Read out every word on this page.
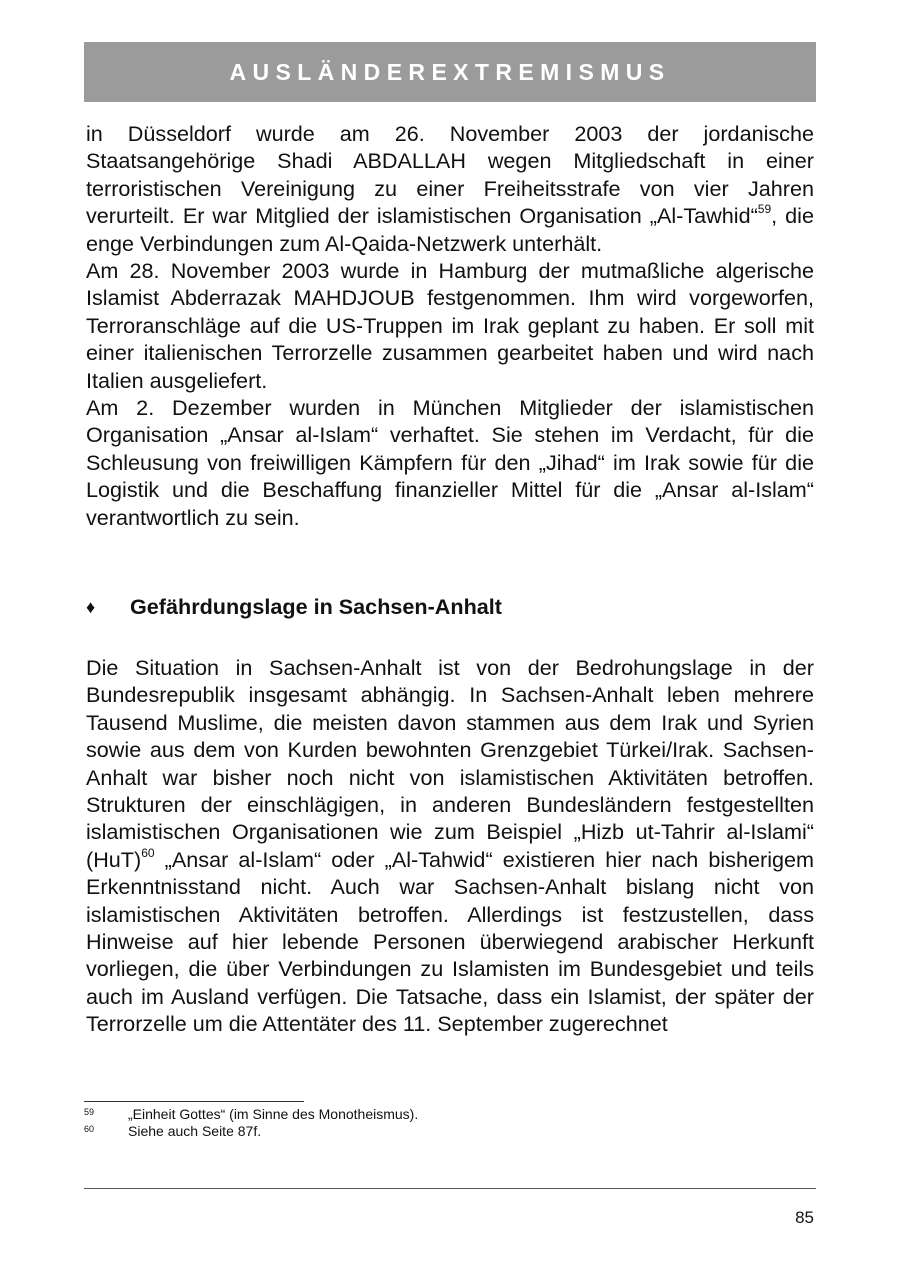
AUSLÄNDEREXTREMISMUS

in Düsseldorf wurde am 26. November 2003 der jordanische Staatsangehörige Shadi ABDALLAH wegen Mitgliedschaft in einer terroristischen Vereinigung zu einer Freiheitsstrafe von vier Jahren verurteilt. Er war Mitglied der islamistischen Organisation „Al-Tawhid“$^{59}$, die enge Verbindungen zum Al-Qaida-Netzwerk unterhält.

Am 28. November 2003 wurde in Hamburg der mutmaßliche algerische Islamist Abderrazak MAHDJOUB festgenommen. Ihm wird vorgeworfen, Terroranschläge auf die US-Truppen im Irak geplant zu haben. Er soll mit einer italienischen Terrorzelle zusammen gearbeitet haben und wird nach Italien ausgeliefert.

Am 2. Dezember wurden in München Mitglieder der islamistischen Organisation „Ansar al-Islam“ verhaftet. Sie stehen im Verdacht, für die Schleusung von freiwilligen Kämpfern für den „Jihad“ im Irak sowie für die Logistik und die Beschaffung finanzieller Mittel für die „Ansar al-Islam“ verantwortlich zu sein.

♦	Gefährdungslage in Sachsen-Anhalt

Die Situation in Sachsen-Anhalt ist von der Bedrohungslage in der Bundesrepublik insgesamt abhängig. In Sachsen-Anhalt leben mehrere Tausend Muslime, die meisten davon stammen aus dem Irak und Syrien sowie aus dem von Kurden bewohnten Grenzgebiet Türkei/Irak. Sachsen-Anhalt war bisher noch nicht von islamistischen Aktivitäten betroffen. Strukturen der einschlägigen, in anderen Bundesländern festgestellten islamistischen Organisationen wie zum Beispiel „Hizb ut-Tahrir al-Islami“ (HuT)$^{60}$ „Ansar al-Islam“ oder „Al-Tahwid“ existieren hier nach bisherigem Erkenntnisstand nicht. Auch war Sachsen-Anhalt bislang nicht von islamistischen Aktivitäten betroffen. Allerdings ist festzustellen, dass Hinweise auf hier lebende Personen überwiegend arabischer Herkunft vorliegen, die über Verbindungen zu Islamisten im Bundesgebiet und teils auch im Ausland verfügen. Die Tatsache, dass ein Islamist, der später der Terrorzelle um die Attentäter des 11. September zugerechnet

59	„Einheit Gottes“ (im Sinne des Monotheismus).
60	Siehe auch Seite 87f.
85
